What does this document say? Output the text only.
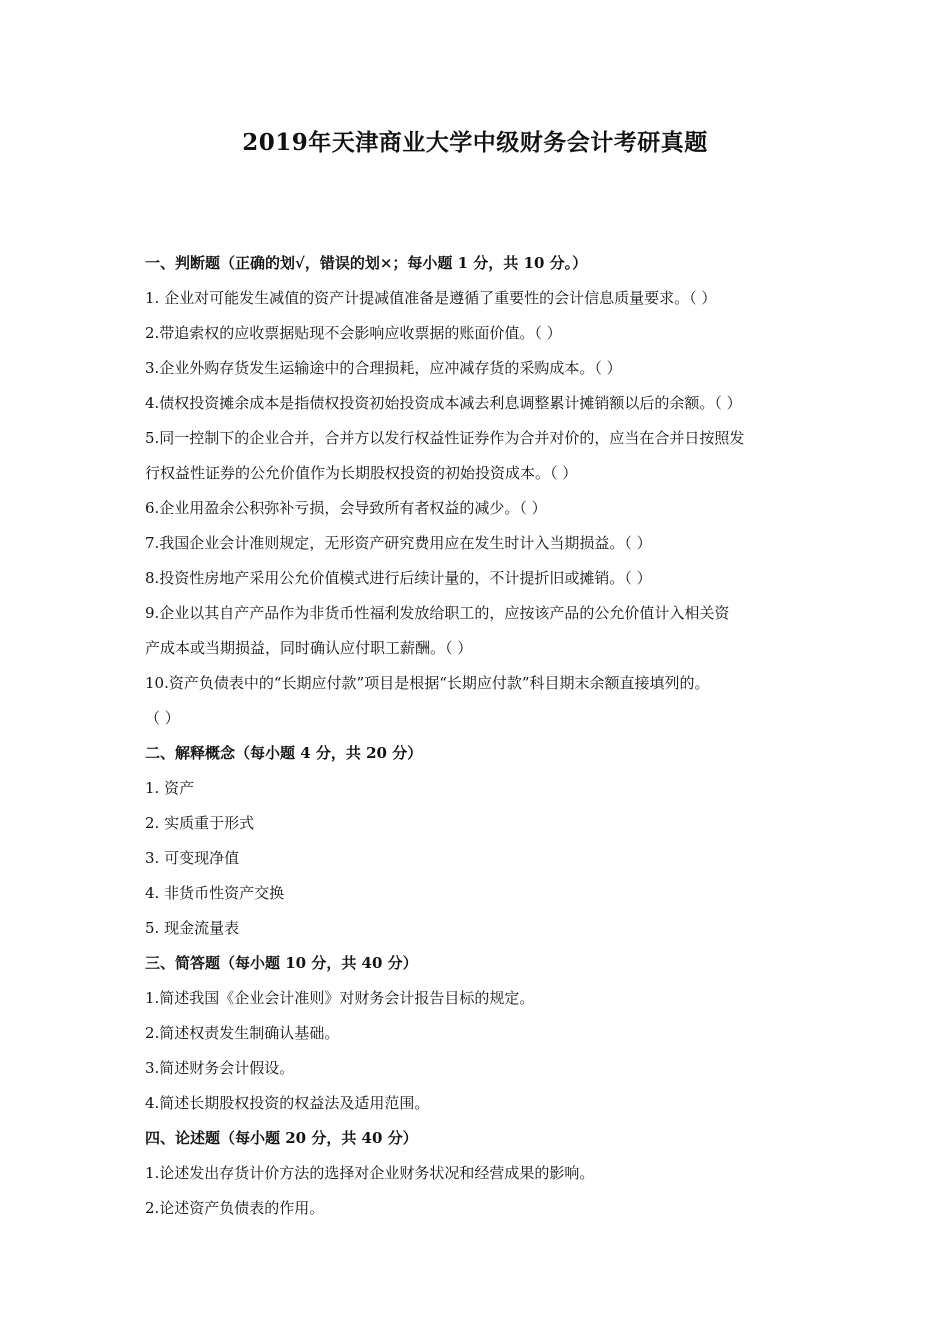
2019年天津商业大学中级财务会计考研真题
一、判断题（正确的划√，错误的划×；每小题 1 分，共 10 分。）
1. 企业对可能发生减值的资产计提减值准备是遵循了重要性的会计信息质量要求。（ ）
2.带追索权的应收票据贴现不会影响应收票据的账面价值。（ ）
3.企业外购存货发生运输途中的合理损耗，应冲减存货的采购成本。（ ）
4.债权投资摊余成本是指债权投资初始投资成本减去利息调整累计摊销额以后的余额。（ ）
5.同一控制下的企业合并，合并方以发行权益性证券作为合并对价的，应当在合并日按照发
行权益性证券的公允价值作为长期股权投资的初始投资成本。（ ）
6.企业用盈余公积弥补亏损，会导致所有者权益的减少。（ ）
7.我国企业会计准则规定，无形资产研究费用应在发生时计入当期损益。（ ）
8.投资性房地产采用公允价值模式进行后续计量的，不计提折旧或摊销。（ ）
9.企业以其自产产品作为非货币性福利发放给职工的，应按该产品的公允价值计入相关资
产成本或当期损益，同时确认应付职工薪酬。（ ）
10.资产负债表中的“长期应付款”项目是根据“长期应付款”科目期末余额直接填列的。
（ ）
二、解释概念（每小题 4 分，共 20 分）
1. 资产
2. 实质重于形式
3. 可变现净值
4. 非货币性资产交换
5. 现金流量表
三、简答题（每小题 10 分，共 40 分）
1.简述我国《企业会计准则》对财务会计报告目标的规定。
2.简述权责发生制确认基础。
3.简述财务会计假设。
4.简述长期股权投资的权益法及适用范围。
四、论述题（每小题 20 分，共 40 分）
1.论述发出存货计价方法的选择对企业财务状况和经营成果的影响。
2.论述资产负债表的作用。
